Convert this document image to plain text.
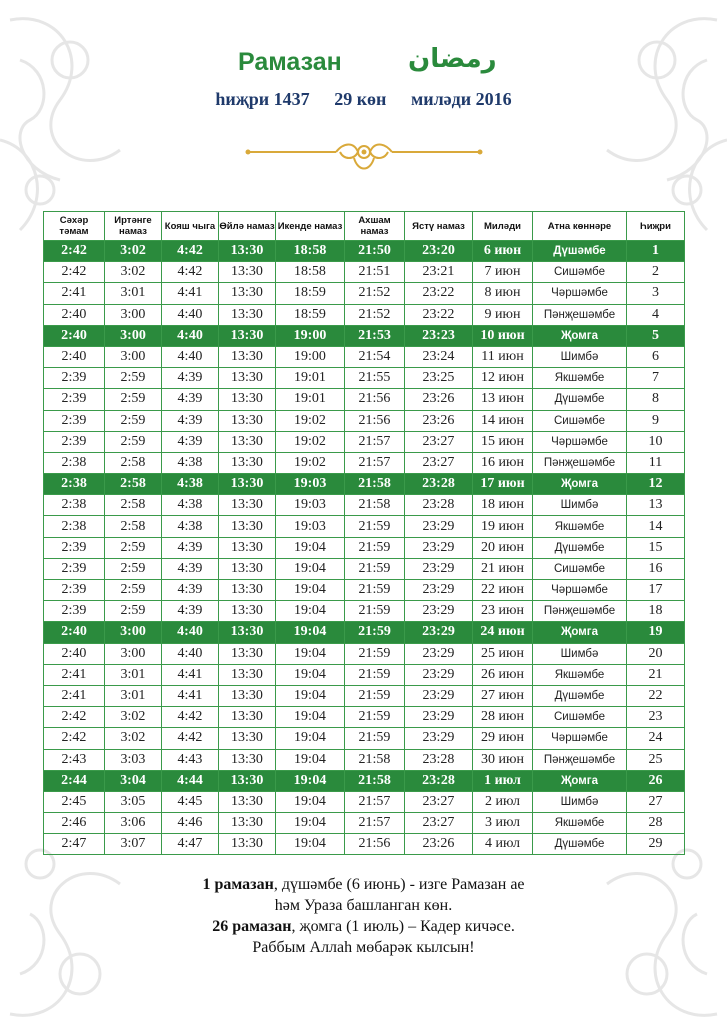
Рамазан	رمضان
һиҗри 1437 29 көн миләди 2016
Сәхәр тәмам	Иртәнге намаз	Кояш чыга	Өйлә намаз	Икенде намаз	Ахшам намаз	Ястү намаз	Миләди	Атна көннәре	Һиҗри
2:42	3:02	4:42	13:30	18:58	21:50	23:20	6 июн	Дүшәмбе	1
2:42	3:02	4:42	13:30	18:58	21:51	23:21	7 июн	Сишәмбе	2
2:41	3:01	4:41	13:30	18:59	21:52	23:22	8 июн	Чәршәмбе	3
2:40	3:00	4:40	13:30	18:59	21:52	23:22	9 июн	Пәнҗешәмбе	4
2:40	3:00	4:40	13:30	19:00	21:53	23:23	10 июн	Җомга	5
2:40	3:00	4:40	13:30	19:00	21:54	23:24	11 июн	Шимбә	6
2:39	2:59	4:39	13:30	19:01	21:55	23:25	12 июн	Якшәмбе	7
2:39	2:59	4:39	13:30	19:01	21:56	23:26	13 июн	Дүшәмбе	8
2:39	2:59	4:39	13:30	19:02	21:56	23:26	14 июн	Сишәмбе	9
2:39	2:59	4:39	13:30	19:02	21:57	23:27	15 июн	Чәршәмбе	10
2:38	2:58	4:38	13:30	19:02	21:57	23:27	16 июн	Пәнҗешәмбе	11
2:38	2:58	4:38	13:30	19:03	21:58	23:28	17 июн	Җомга	12
2:38	2:58	4:38	13:30	19:03	21:58	23:28	18 июн	Шимбә	13
2:38	2:58	4:38	13:30	19:03	21:59	23:29	19 июн	Якшәмбе	14
2:39	2:59	4:39	13:30	19:04	21:59	23:29	20 июн	Дүшәмбе	15
2:39	2:59	4:39	13:30	19:04	21:59	23:29	21 июн	Сишәмбе	16
2:39	2:59	4:39	13:30	19:04	21:59	23:29	22 июн	Чәршәмбе	17
2:39	2:59	4:39	13:30	19:04	21:59	23:29	23 июн	Пәнҗешәмбе	18
2:40	3:00	4:40	13:30	19:04	21:59	23:29	24 июн	Җомга	19
2:40	3:00	4:40	13:30	19:04	21:59	23:29	25 июн	Шимбә	20
2:41	3:01	4:41	13:30	19:04	21:59	23:29	26 июн	Якшәмбе	21
2:41	3:01	4:41	13:30	19:04	21:59	23:29	27 июн	Дүшәмбе	22
2:42	3:02	4:42	13:30	19:04	21:59	23:29	28 июн	Сишәмбе	23
2:42	3:02	4:42	13:30	19:04	21:59	23:29	29 июн	Чәршәмбе	24
2:43	3:03	4:43	13:30	19:04	21:58	23:28	30 июн	Пәнҗешәмбе	25
2:44	3:04	4:44	13:30	19:04	21:58	23:28	1 июл	Җомга	26
2:45	3:05	4:45	13:30	19:04	21:57	23:27	2 июл	Шимбә	27
2:46	3:06	4:46	13:30	19:04	21:57	23:27	3 июл	Якшәмбе	28
2:47	3:07	4:47	13:30	19:04	21:56	23:26	4 июл	Дүшәмбе	29
1 рамазан, дүшәмбе (6 июнь) - изге Рамазан ае
һәм Ураза башланган көн.
26 рамазан, җомга (1 июль) – Кадер кичәсе.
Раббым Аллаһ мөбарәк кылсын!
